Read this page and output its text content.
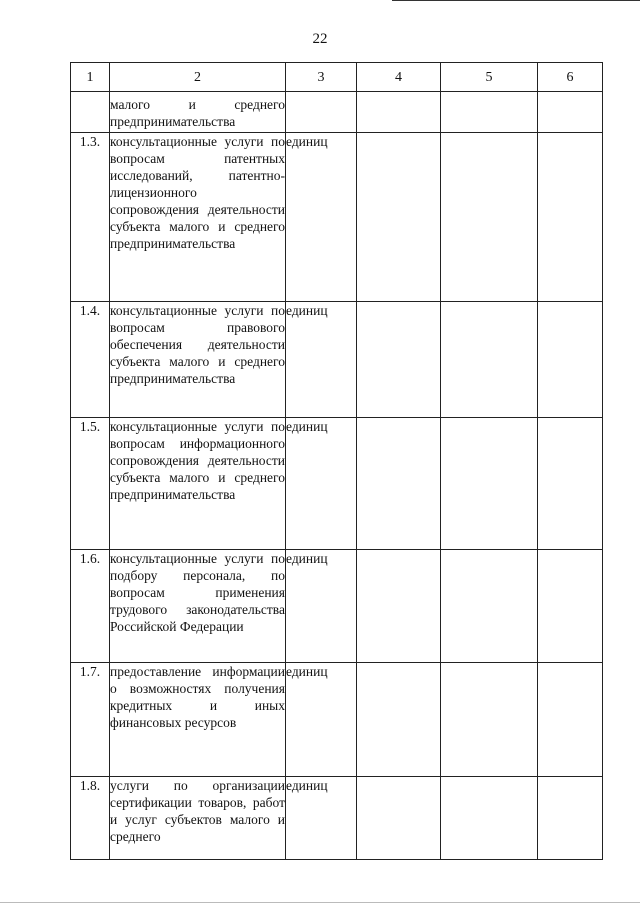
22
1	2	3	4	5	6
	малого и среднего предпринимательства				
1.3.	консультационные услуги по вопросам патентных исследований, патентно-лицензионного сопровождения деятельности субъекта малого и среднего предпринимательства	единиц			
1.4.	консультационные услуги по вопросам правового обеспечения деятельности субъекта малого и среднего предпринимательства	единиц			
1.5.	консультационные услуги по вопросам информационного сопровождения деятельности субъекта малого и среднего предпринимательства	единиц			
1.6.	консультационные услуги по подбору персонала, по вопросам применения трудового законодательства Российской Федерации	единиц			
1.7.	предоставление информации о возможностях получения кредитных и иных финансовых ресурсов	единиц			
1.8.	услуги по организации сертификации товаров, работ и услуг субъектов малого и среднего	единиц			
